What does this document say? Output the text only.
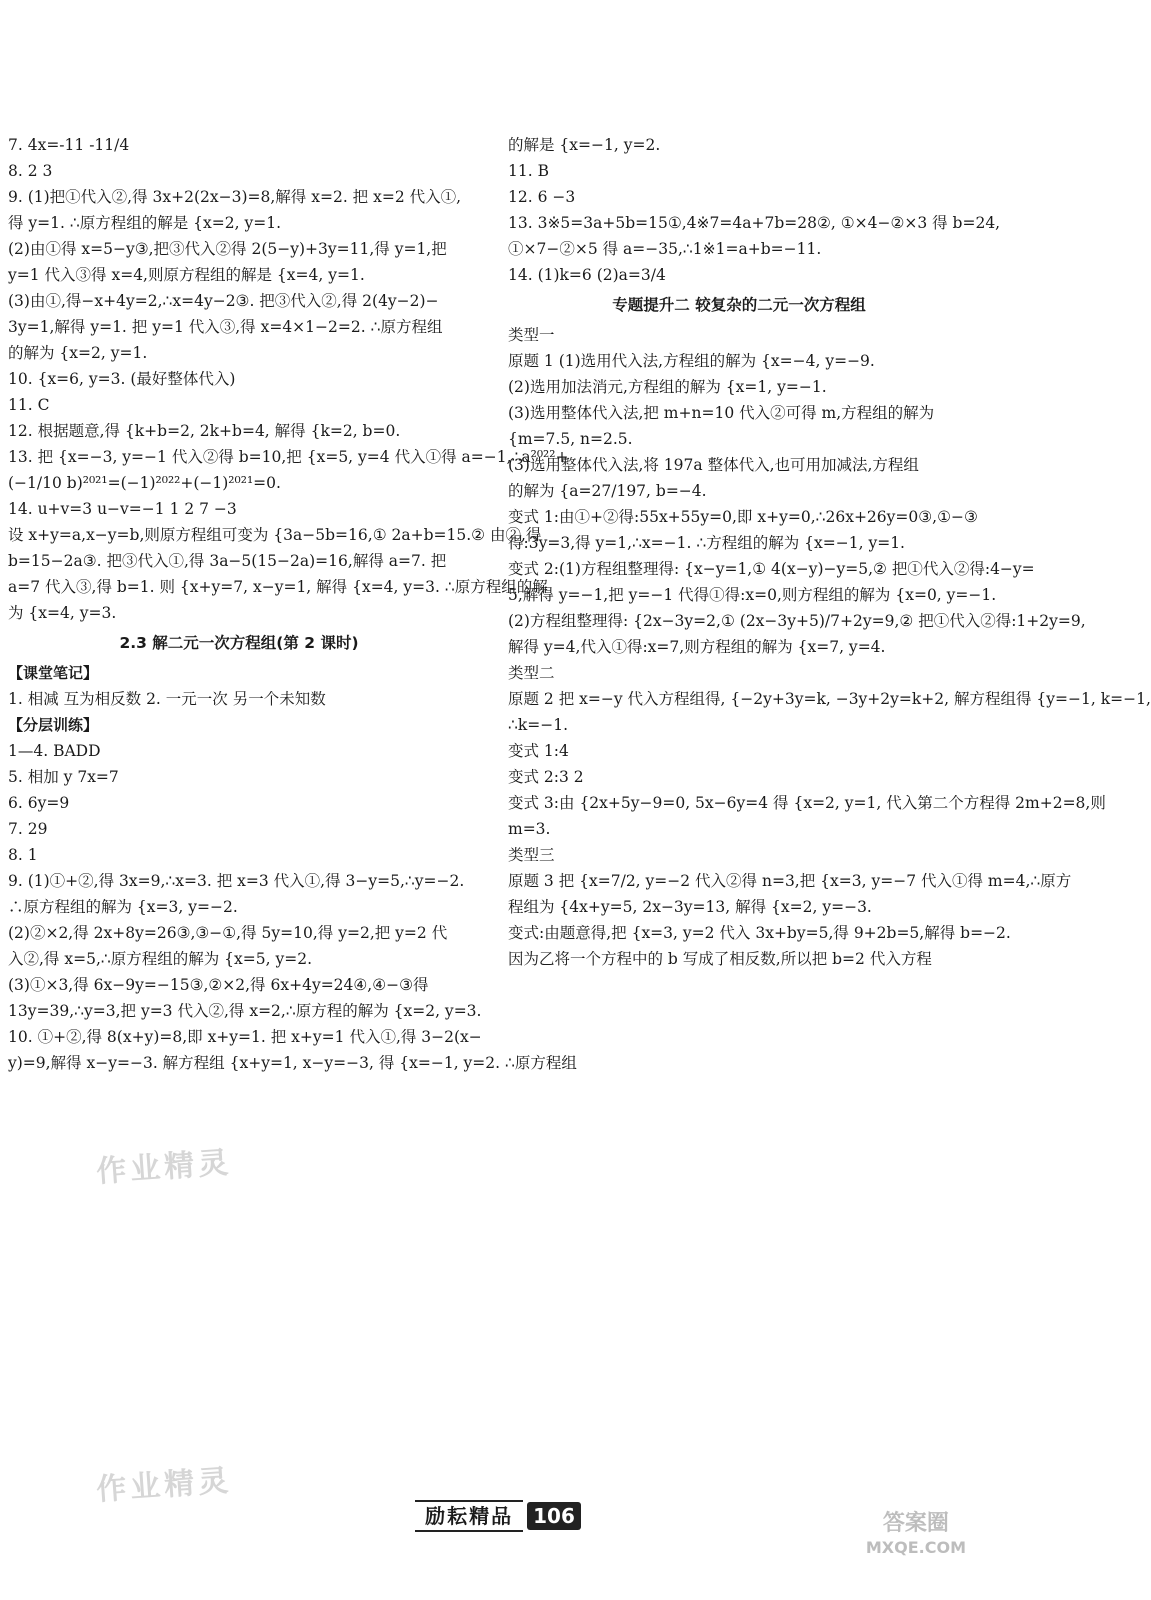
7. 4x=-11 -11/4

8. 2 3

9. (1)把①代入②,得 3x+2(2x−3)=8,解得 x=2. 把 x=2 代入①,

得 y=1. ∴原方程组的解是 {x=2, y=1.

(2)由①得 x=5−y③,把③代入②得 2(5−y)+3y=11,得 y=1,把

y=1 代入③得 x=4,则原方程组的解是 {x=4, y=1.

(3)由①,得−x+4y=2,∴x=4y−2③. 把③代入②,得 2(4y−2)−

3y=1,解得 y=1. 把 y=1 代入③,得 x=4×1−2=2. ∴原方程组

的解为 {x=2, y=1.

10. {x=6, y=3. (最好整体代入)

11. C

12. 根据题意,得 {k+b=2, 2k+b=4, 解得 {k=2, b=0.

13. 把 {x=−3, y=−1 代入②得 b=10,把 {x=5, y=4 代入①得 a=−1,∴a²⁰²²+

(−1/10 b)²⁰²¹=(−1)²⁰²²+(−1)²⁰²¹=0.

14. u+v=3 u−v=−1 1 2 7 −3

设 x+y=a,x−y=b,则原方程组可变为 {3a−5b=16,① 2a+b=15.② 由②,得

b=15−2a③. 把③代入①,得 3a−5(15−2a)=16,解得 a=7. 把

a=7 代入③,得 b=1. 则 {x+y=7, x−y=1, 解得 {x=4, y=3. ∴原方程组的解

为 {x=4, y=3.

2.3 解二元一次方程组(第 2 课时)
【课堂笔记】

1. 相减 互为相反数 2. 一元一次 另一个未知数

【分层训练】

1—4. BADD

5. 相加 y 7x=7

6. 6y=9

7. 29

8. 1

9. (1)①+②,得 3x=9,∴x=3. 把 x=3 代入①,得 3−y=5,∴y=−2.

∴原方程组的解为 {x=3, y=−2.

(2)②×2,得 2x+8y=26③,③−①,得 5y=10,得 y=2,把 y=2 代

入②,得 x=5,∴原方程组的解为 {x=5, y=2.

(3)①×3,得 6x−9y=−15③,②×2,得 6x+4y=24④,④−③得

13y=39,∴y=3,把 y=3 代入②,得 x=2,∴原方程的解为 {x=2, y=3.

10. ①+②,得 8(x+y)=8,即 x+y=1. 把 x+y=1 代入①,得 3−2(x−

y)=9,解得 x−y=−3. 解方程组 {x+y=1, x−y=−3, 得 {x=−1, y=2. ∴原方程组

的解是 {x=−1, y=2.

11. B

12. 6 −3

13. 3※5=3a+5b=15①,4※7=4a+7b=28②, ①×4−②×3 得 b=24,

①×7−②×5 得 a=−35,∴1※1=a+b=−11.

14. (1)k=6 (2)a=3/4

专题提升二 较复杂的二元一次方程组

类型一

原题 1 (1)选用代入法,方程组的解为 {x=−4, y=−9.

(2)选用加法消元,方程组的解为 {x=1, y=−1.

(3)选用整体代入法,把 m+n=10 代入②可得 m,方程组的解为

{m=7.5, n=2.5.

(3)选用整体代入法,将 197a 整体代入,也可用加减法,方程组

的解为 {a=27/197, b=−4.

变式 1:由①+②得:55x+55y=0,即 x+y=0,∴26x+26y=0③,①−③

得:3y=3,得 y=1,∴x=−1. ∴方程组的解为 {x=−1, y=1.

变式 2:(1)方程组整理得: {x−y=1,① 4(x−y)−y=5,② 把①代入②得:4−y=

5,解得 y=−1,把 y=−1 代得①得:x=0,则方程组的解为 {x=0, y=−1.

(2)方程组整理得: {2x−3y=2,① (2x−3y+5)/7+2y=9,② 把①代入②得:1+2y=9,

解得 y=4,代入①得:x=7,则方程组的解为 {x=7, y=4.

类型二

原题 2 把 x=−y 代入方程组得, {−2y+3y=k, −3y+2y=k+2, 解方程组得 {y=−1, k=−1,

∴k=−1.

变式 1:4

变式 2:3 2

变式 3:由 {2x+5y−9=0, 5x−6y=4 得 {x=2, y=1, 代入第二个方程得 2m+2=8,则

m=3.

类型三

原题 3 把 {x=7/2, y=−2 代入②得 n=3,把 {x=3, y=−7 代入①得 m=4,∴原方

程组为 {4x+y=5, 2x−3y=13, 解得 {x=2, y=−3.

变式:由题意得,把 {x=3, y=2 代入 3x+by=5,得 9+2b=5,解得 b=−2.

因为乙将一个方程中的 b 写成了相反数,所以把 b=2 代入方程

作业精灵
作业精灵
励耘精品 106	答案圈
MXQE.COM
